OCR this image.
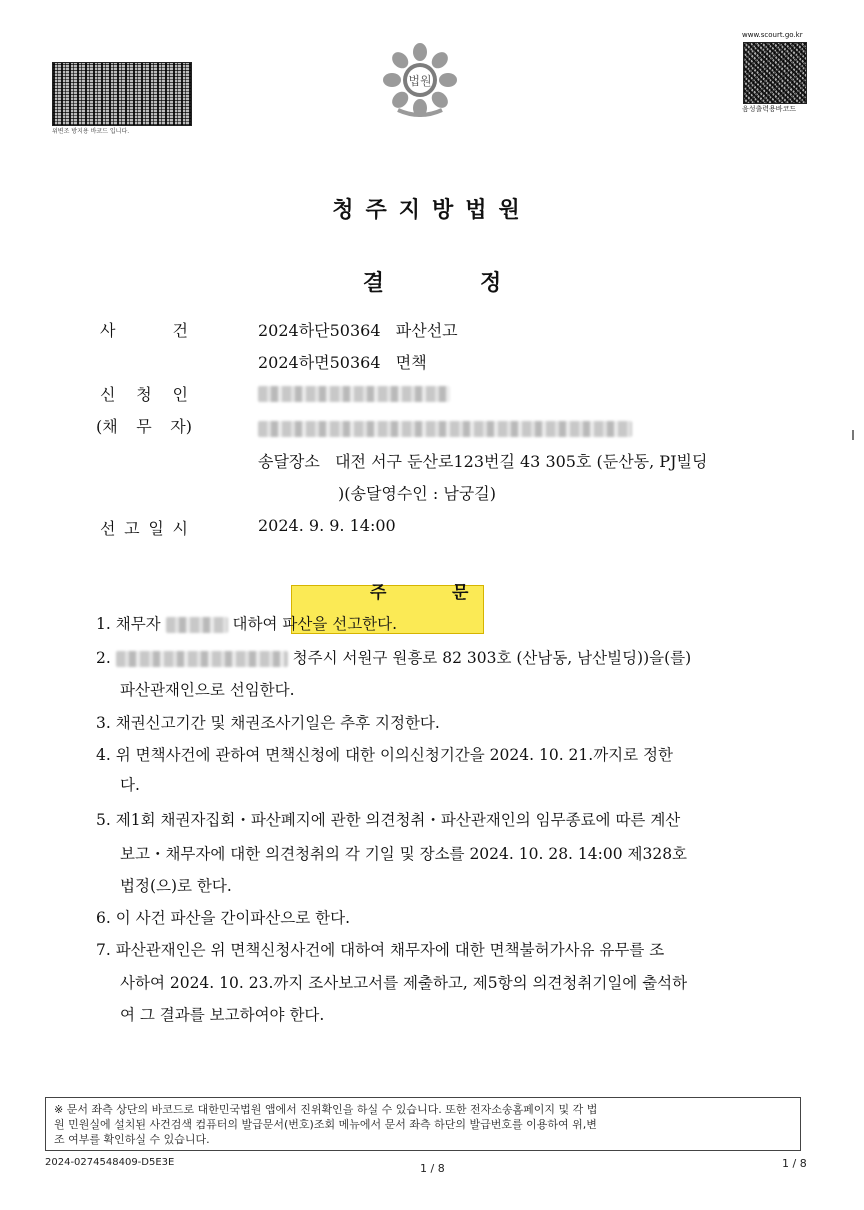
위변조 방지용 바코드 입니다.
www.scourt.go.kr
음성출력용바코드
법원
청주지방법원
결	정
사 건	2024하단50364 파산선고
2024하면50364 면책
신 청 인
(채 무 자)
송달장소 대전 서구 둔산로123번길 43 305호 (둔산동, PJ빌딩
)(송달영수인 : 남궁길)
선 고 일 시	2024. 9. 9. 14:00
주	문
1. 채무자	대하여 파산을 선고한다.
2.	청주시 서원구 원흥로 82 303호 (산남동, 남산빌딩))을(를)
파산관재인으로 선임한다.
3. 채권신고기간 및 채권조사기일은 추후 지정한다.
4. 위 면책사건에 관하여 면책신청에 대한 이의신청기간을 2024. 10. 21.까지로 정한
다.
5. 제1회 채권자집회・파산폐지에 관한 의견청취・파산관재인의 임무종료에 따른 계산
보고・채무자에 대한 의견청취의 각 기일 및 장소를 2024. 10. 28. 14:00 제328호
법정(으)로 한다.
6. 이 사건 파산을 간이파산으로 한다.
7. 파산관재인은 위 면책신청사건에 대하여 채무자에 대한 면책불허가사유 유무를 조
사하여 2024. 10. 23.까지 조사보고서를 제출하고, 제5항의 의견청취기일에 출석하
여 그 결과를 보고하여야 한다.
※ 문서 좌측 상단의 바코드로 대한민국법원 앱에서 진위확인을 하실 수 있습니다. 또한 전자소송홈페이지 및 각 법
원 민원실에 설치된 사건검색 컴퓨터의 발급문서(번호)조회 메뉴에서 문서 좌측 하단의 발급번호를 이용하여 위,변
조 여부를 확인하실 수 있습니다.
2024-0274548409-D5E3E	1 / 8	1 / 8
